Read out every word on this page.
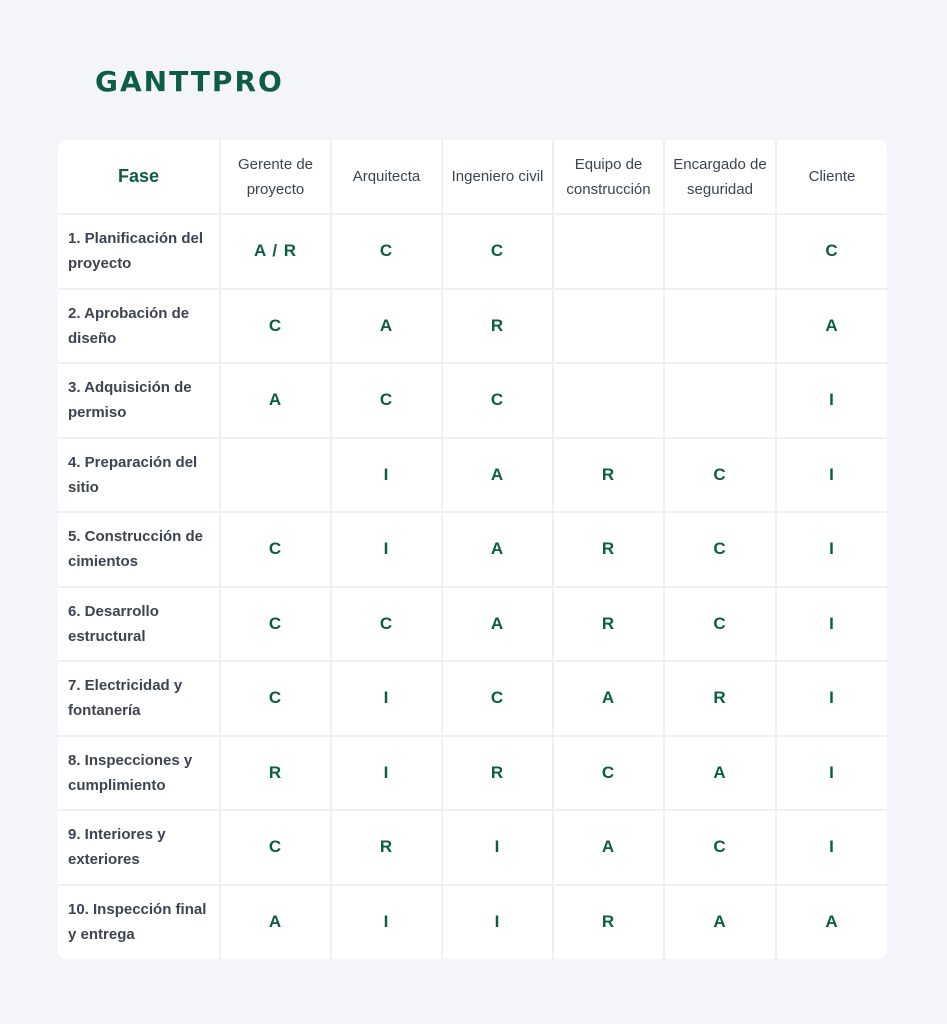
GANTTPRO
Fase	Gerente de proyecto	Arquitecta	Ingeniero civil	Equipo de construcción	Encargado de seguridad	Cliente
1. Planificación del proyecto	A / R	C	C			C
2. Aprobación de diseño	C	A	R			A
3. Adquisición de permiso	A	C	C			I
4. Preparación del sitio		I	A	R	C	I
5. Construcción de cimientos	C	I	A	R	C	I
6. Desarrollo estructural	C	C	A	R	C	I
7. Electricidad y fontanería	C	I	C	A	R	I
8. Inspecciones y cumplimiento	R	I	R	C	A	I
9. Interiores y exteriores	C	R	I	A	C	I
10. Inspección final y entrega	A	I	I	R	A	A
